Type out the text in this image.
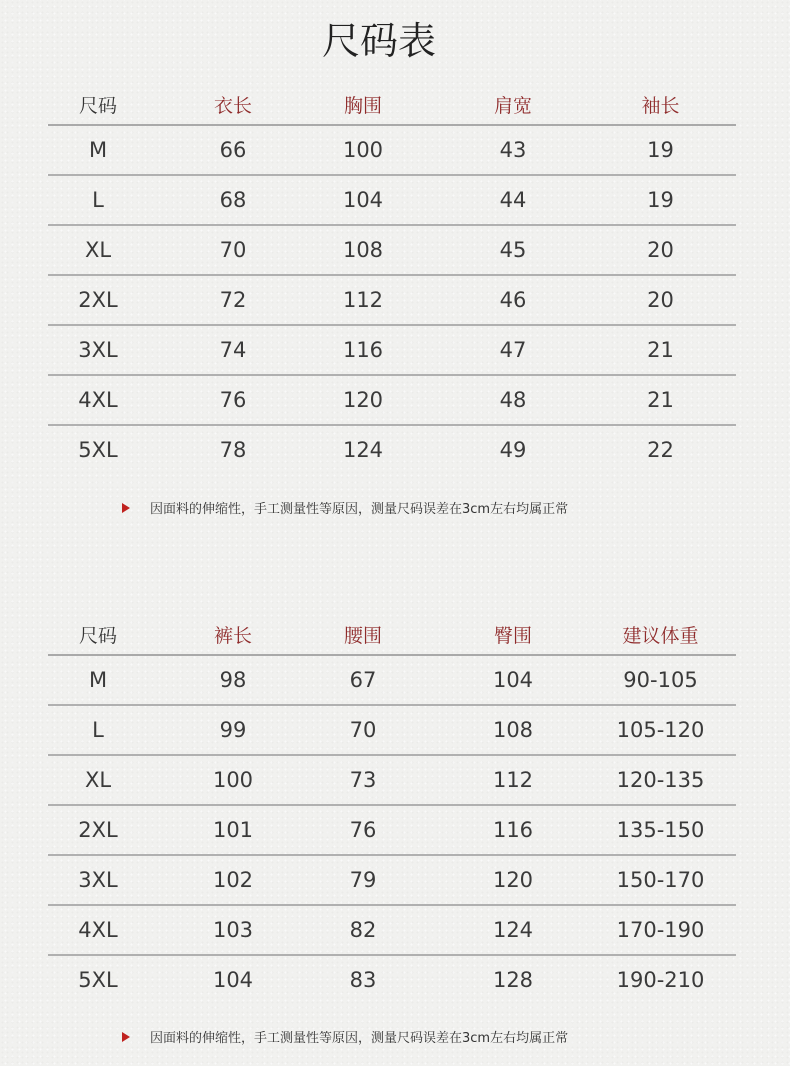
尺码表
尺码	衣长	胸围	肩宽	袖长
M	66	100	43	19
L	68	104	44	19
XL	70	108	45	20
2XL	72	112	46	20
3XL	74	116	47	21
4XL	76	120	48	21
5XL	78	124	49	22
因面料的伸缩性，手工测量性等原因，测量尺码误差在3cm左右均属正常
尺码	裤长	腰围	臀围	建议体重
M	98	67	104	90-105
L	99	70	108	105-120
XL	100	73	112	120-135
2XL	101	76	116	135-150
3XL	102	79	120	150-170
4XL	103	82	124	170-190
5XL	104	83	128	190-210
因面料的伸缩性，手工测量性等原因，测量尺码误差在3cm左右均属正常
